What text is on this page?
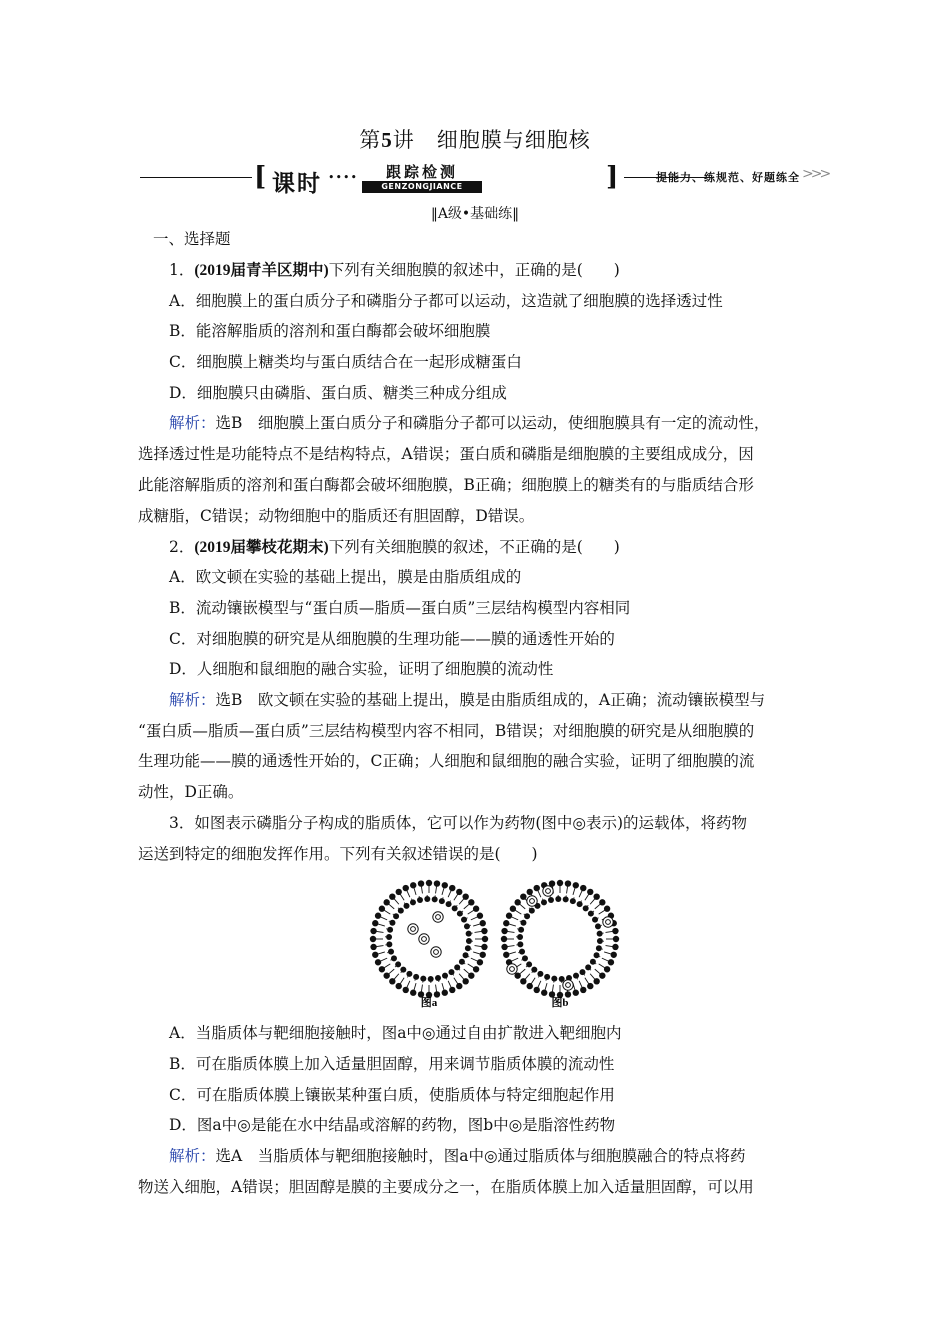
第5讲　细胞膜与细胞核
[ 课时 ••••	跟踪检测
GENZONGJIANCE	]	提能力、练规范、好题练全 >>>
‖A级•基础练‖
一、选择题
1．(2019届青羊区期中)下列有关细胞膜的叙述中，正确的是(　　)
A．细胞膜上的蛋白质分子和磷脂分子都可以运动，这造就了细胞膜的选择透过性
B．能溶解脂质的溶剂和蛋白酶都会破坏细胞膜
C．细胞膜上糖类均与蛋白质结合在一起形成糖蛋白
D．细胞膜只由磷脂、蛋白质、糖类三种成分组成
解析：选B　细胞膜上蛋白质分子和磷脂分子都可以运动，使细胞膜具有一定的流动性，
选择透过性是功能特点不是结构特点，A错误；蛋白质和磷脂是细胞膜的主要组成成分，因
此能溶解脂质的溶剂和蛋白酶都会破坏细胞膜，B正确；细胞膜上的糖类有的与脂质结合形
成糖脂，C错误；动物细胞中的脂质还有胆固醇，D错误。
2．(2019届攀枝花期末)下列有关细胞膜的叙述，不正确的是(　　)
A．欧文顿在实验的基础上提出，膜是由脂质组成的
B．流动镶嵌模型与“蛋白质—脂质—蛋白质”三层结构模型内容相同
C．对细胞膜的研究是从细胞膜的生理功能——膜的通透性开始的
D．人细胞和鼠细胞的融合实验，证明了细胞膜的流动性
解析：选B　欧文顿在实验的基础上提出，膜是由脂质组成的，A正确；流动镶嵌模型与
“蛋白质—脂质—蛋白质”三层结构模型内容不相同，B错误；对细胞膜的研究是从细胞膜的
生理功能——膜的通透性开始的，C正确；人细胞和鼠细胞的融合实验，证明了细胞膜的流
动性，D正确。
3．如图表示磷脂分子构成的脂质体，它可以作为药物(图中◎表示)的运载体，将药物
运送到特定的细胞发挥作用。下列有关叙述错误的是(　　)
图a	图b
A．当脂质体与靶细胞接触时，图a中◎通过自由扩散进入靶细胞内
B．可在脂质体膜上加入适量胆固醇，用来调节脂质体膜的流动性
C．可在脂质体膜上镶嵌某种蛋白质，使脂质体与特定细胞起作用
D．图a中◎是能在水中结晶或溶解的药物，图b中◎是脂溶性药物
解析：选A　当脂质体与靶细胞接触时，图a中◎通过脂质体与细胞膜融合的特点将药
物送入细胞，A错误；胆固醇是膜的主要成分之一，在脂质体膜上加入适量胆固醇，可以用
